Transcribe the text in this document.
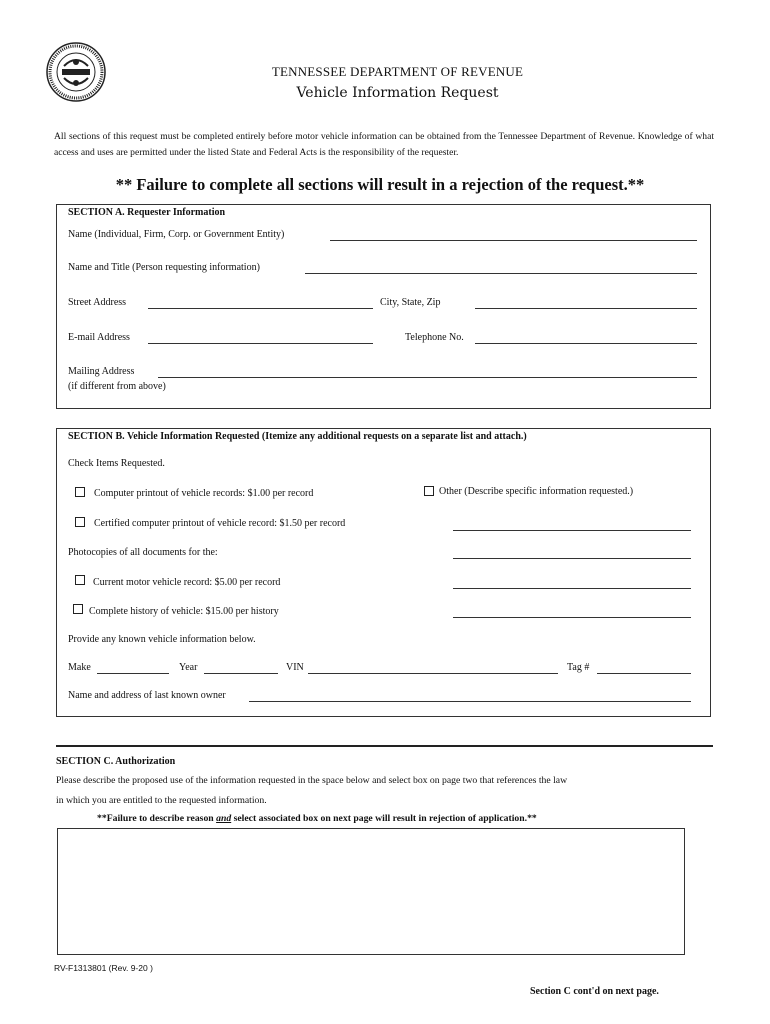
TENNESSEE DEPARTMENT OF REVENUE
Vehicle Information Request
All sections of this request must be completed entirely before motor vehicle information can be obtained from the Tennessee Department of Revenue. Knowledge of what access and uses are permitted under the listed State and Federal Acts is the responsibility of the requester.
** Failure to complete all sections will result in a rejection of the request.**
SECTION A. Requester Information
Name (Individual, Firm, Corp. or Government Entity)
Name and Title (Person requesting information)
Street Address	City, State, Zip
E-mail Address	Telephone No.
Mailing Address
(if different from above)
SECTION B. Vehicle Information Requested (Itemize any additional requests on a separate list and attach.)
Check Items Requested.
Computer printout of vehicle records: $1.00 per record	Other (Describe specific information requested.)
Certified computer printout of vehicle record: $1.50 per record
Photocopies of all documents for the:
Current motor vehicle record: $5.00 per record
Complete history of vehicle: $15.00 per history
Provide any known vehicle information below.
Make	Year	VIN	Tag #
Name and address of last known owner
SECTION C. Authorization
Please describe the proposed use of the information requested in the space below and select box on page two that references the law
in which you are entitled to the requested information.
**Failure to describe reason and select associated box on next page will result in rejection of application.**
RV-F1313801 (Rev. 9-20 )
Section C cont'd on next page.
